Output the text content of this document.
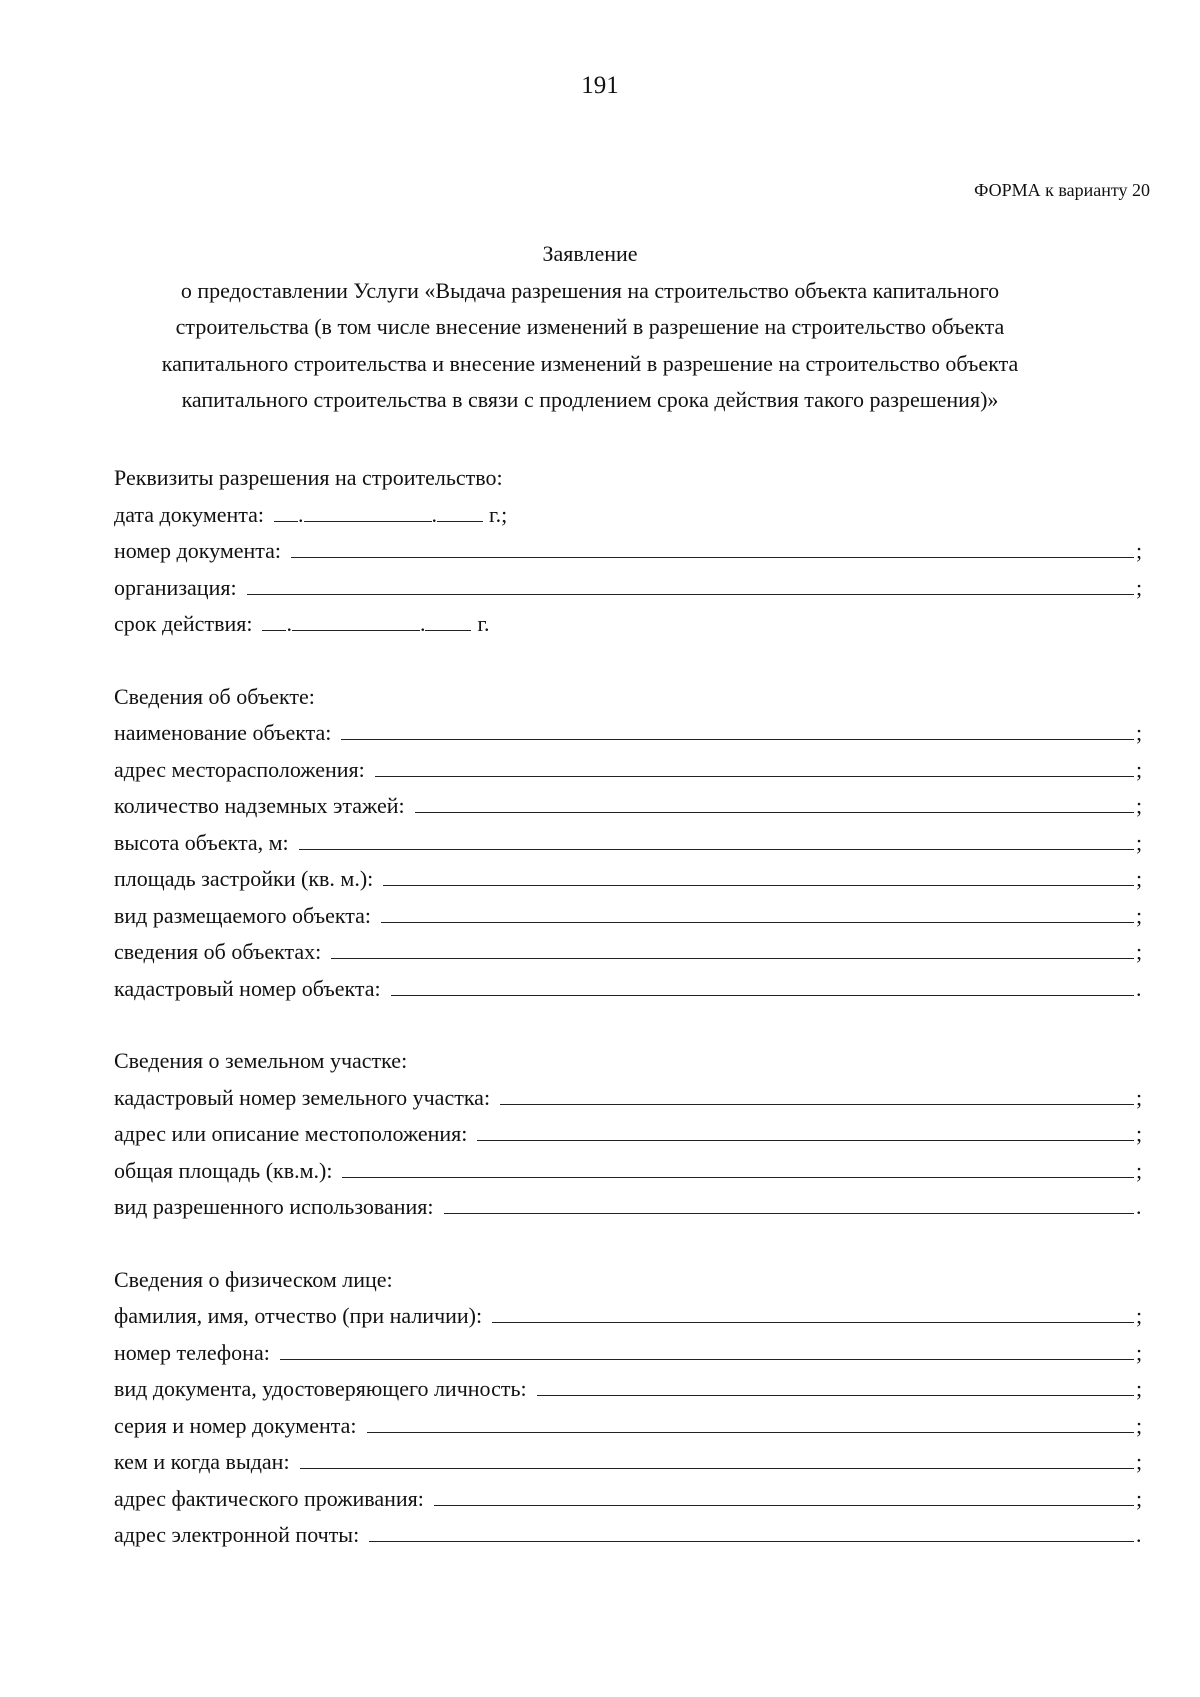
191
ФОРМА к варианту 20
Заявление
о предоставлении Услуги «Выдача разрешения на строительство объекта капитального
строительства (в том числе внесение изменений в разрешение на строительство объекта
капитального строительства и внесение изменений в разрешение на строительство объекта
капитального строительства в связи с продлением срока действия такого разрешения)»
Реквизиты разрешения на строительство:
дата документа:	.	. г.;
номер документа:	;
организация:	;
срок действия:	.	. г.
Сведения об объекте:
наименование объекта:	;
адрес месторасположения:	;
количество надземных этажей:	;
высота объекта, м:	;
площадь застройки (кв. м.):	;
вид размещаемого объекта:	;
сведения об объектах:	;
кадастровый номер объекта:	.
Сведения о земельном участке:
кадастровый номер земельного участка:	;
адрес или описание местоположения:	;
общая площадь (кв.м.):	;
вид разрешенного использования:	.
Сведения о физическом лице:
фамилия, имя, отчество (при наличии):	;
номер телефона:	;
вид документа, удостоверяющего личность:	;
серия и номер документа:	;
кем и когда выдан:	;
адрес фактического проживания:	;
адрес электронной почты:	.
